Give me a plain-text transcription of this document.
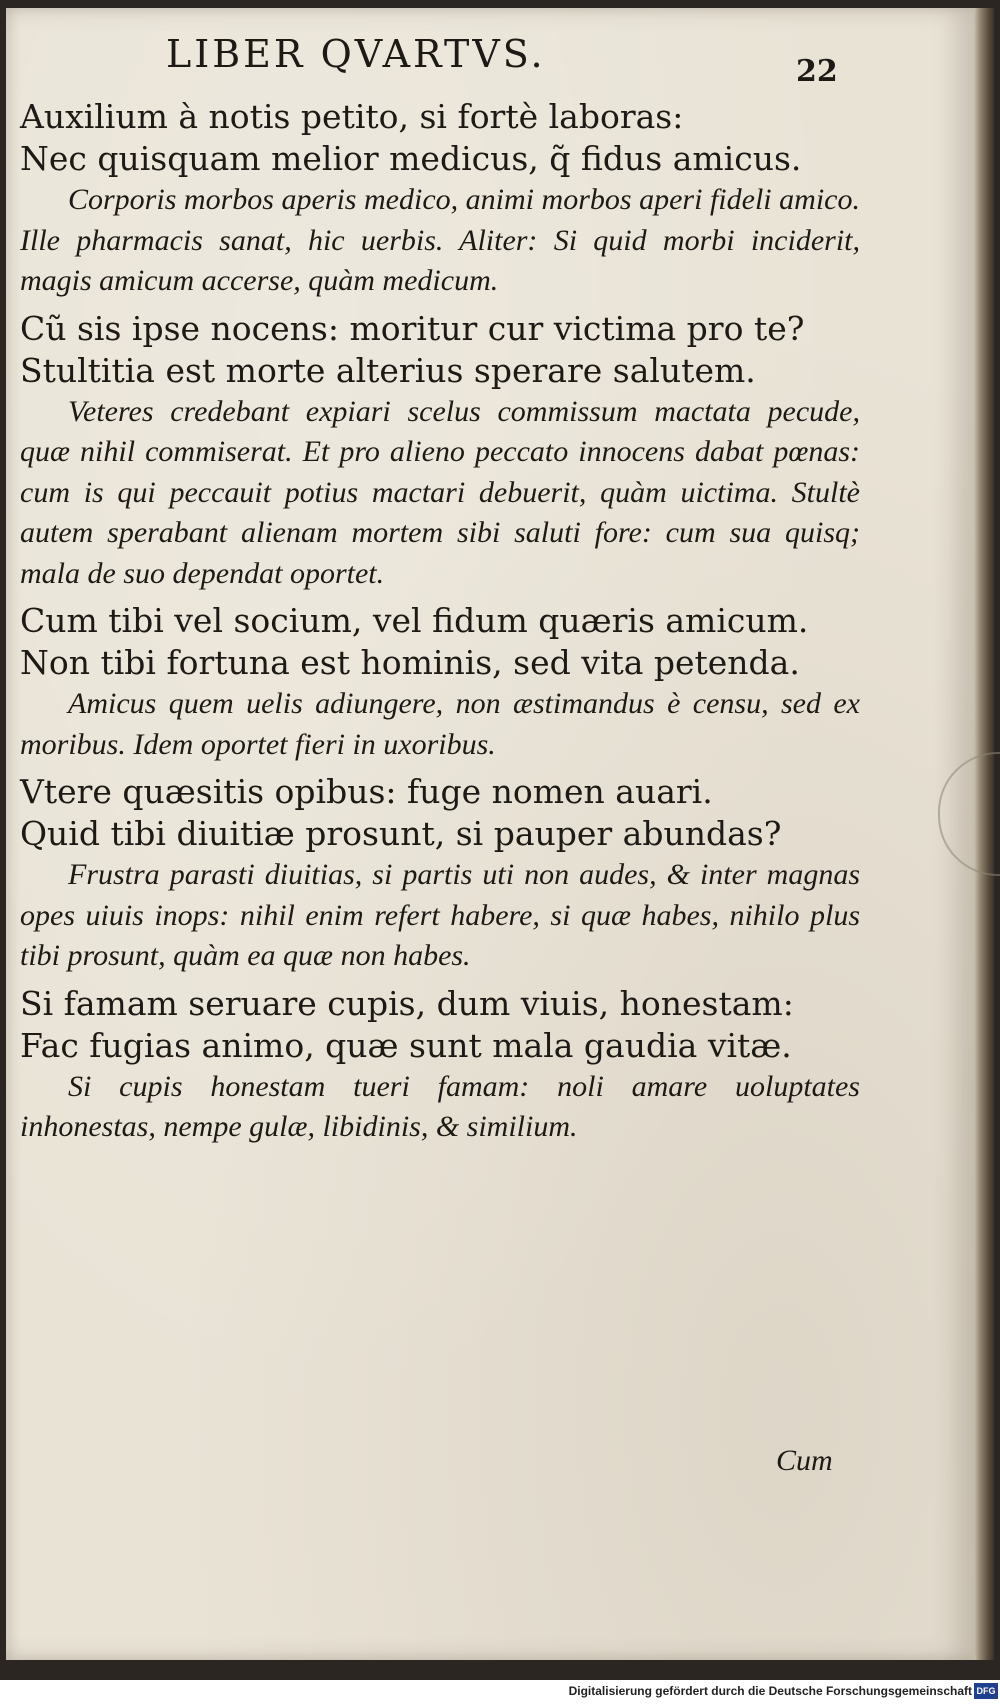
LIBER QVARTVS.	22

Auxilium à notis petito, si fortè laboras:

Nec quisquam melior medicus, q̃ fidus amicus.

Corporis morbos aperis medico, animi morbos aperi fideli amico. Ille pharmacis sanat, hic uerbis. Aliter: Si quid morbi inciderit, magis amicum accerse, quàm medicum.

Cũ sis ipse nocens: moritur cur victima pro te?

Stultitia est morte alterius sperare salutem.

Veteres credebant expiari scelus commissum mactata pecude, quæ nihil commiserat. Et pro alieno peccato innocens dabat pœnas: cum is qui peccauit potius mactari debuerit, quàm uictima. Stultè autem sperabant alienam mortem sibi saluti fore: cum sua quisq; mala de suo dependat oportet.

Cum tibi vel socium, vel fidum quæris amicum.

Non tibi fortuna est hominis, sed vita petenda.

Amicus quem uelis adiungere, non æstimandus è censu, sed ex moribus. Idem oportet fieri in uxoribus.

Vtere quæsitis opibus: fuge nomen auari.

Quid tibi diuitiæ prosunt, si pauper abundas?

Frustra parasti diuitias, si partis uti non audes, & inter magnas opes uiuis inops: nihil enim refert habere, si quæ habes, nihilo plus tibi prosunt, quàm ea quæ non habes.

Si famam seruare cupis, dum viuis, honestam:

Fac fugias animo, quæ sunt mala gaudia vitæ.

Si cupis honestam tueri famam: noli amare uoluptates inhonestas, nempe gulæ, libidinis, & similium.

Cum
Digitalisierung gefördert durch die Deutsche Forschungsgemeinschaft DFG
